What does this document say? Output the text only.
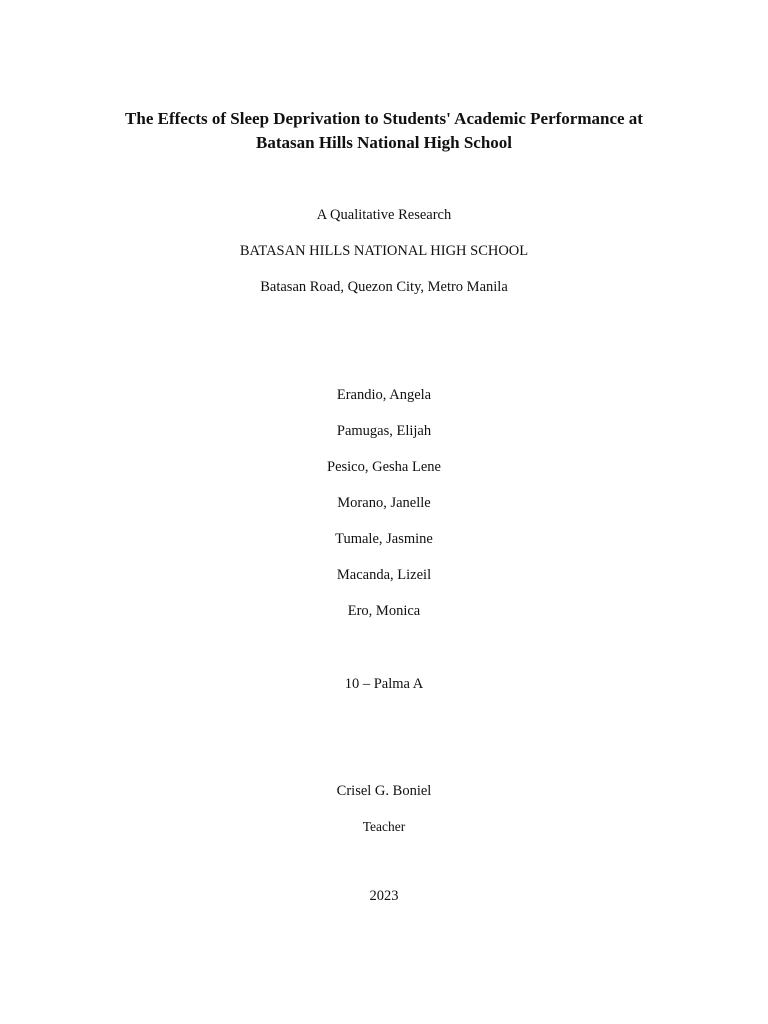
The Effects of Sleep Deprivation to Students' Academic Performance at
Batasan Hills National High School
A Qualitative Research
BATASAN HILLS NATIONAL HIGH SCHOOL
Batasan Road, Quezon City, Metro Manila
Erandio, Angela
Pamugas, Elijah
Pesico, Gesha Lene
Morano, Janelle
Tumale, Jasmine
Macanda, Lizeil
Ero, Monica
10 – Palma A
Crisel G. Boniel
Teacher
2023
